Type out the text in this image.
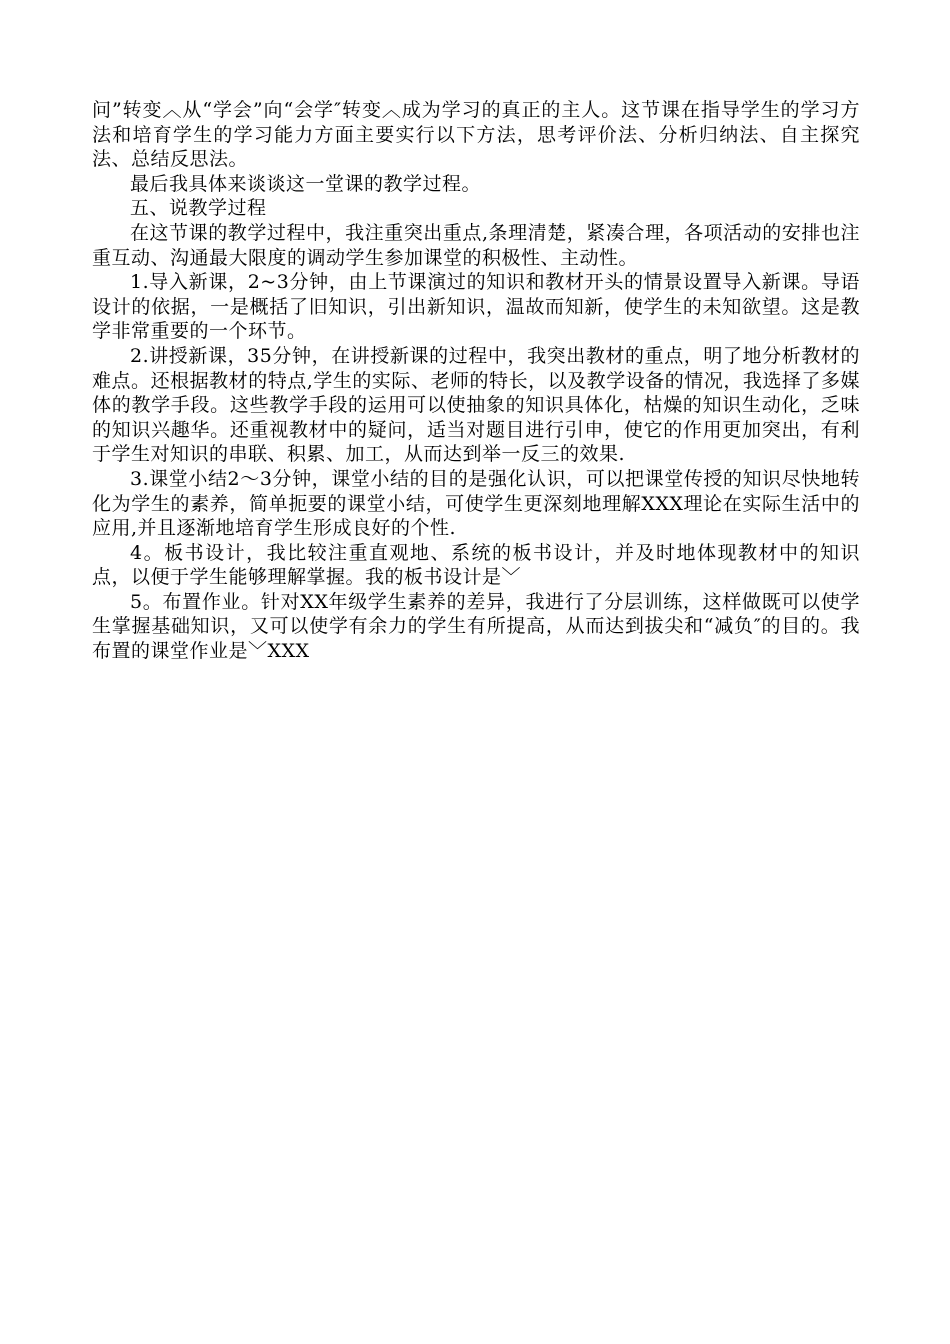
问”转变︿从“学会”向“会学″转变︿成为学习的真正的主人。这节课在指导学生的学习方法和培育学生的学习能力方面主要实行以下方法，思考评价法、分析归纳法、自主探究法、总结反思法。

最后我具体来谈谈这一堂课的教学过程。

五、说教学过程

在这节课的教学过程中，我注重突出重点,条理清楚，紧凑合理，各项活动的安排也注重互动、沟通最大限度的调动学生参加课堂的积极性、主动性。

1.导入新课，2~3分钟，由上节课演过的知识和教材开头的情景设置导入新课。导语设计的依据，一是概括了旧知识，引出新知识，温故而知新，使学生的未知欲望。这是教学非常重要的一个环节。

2.讲授新课，35分钟，在讲授新课的过程中，我突出教材的重点，明了地分析教材的难点。还根据教材的特点,学生的实际、老师的特长，以及教学设备的情况，我选择了多媒体的教学手段。这些教学手段的运用可以使抽象的知识具体化，枯燥的知识生动化，乏味的知识兴趣华。还重视教材中的疑问，适当对题目进行引申，使它的作用更加突出，有利于学生对知识的串联、积累、加工，从而达到举一反三的效果.

3.课堂小结2～3分钟，课堂小结的目的是强化认识，可以把课堂传授的知识尽快地转化为学生的素养，简单扼要的课堂小结，可使学生更深刻地理解XXX理论在实际生活中的应用,并且逐渐地培育学生形成良好的个性.

4。板书设计，我比较注重直观地、系统的板书设计，并及时地体现教材中的知识点，以便于学生能够理解掌握。我的板书设计是﹀

5。布置作业。针对XX年级学生素养的差异，我进行了分层训练，这样做既可以使学生掌握基础知识，又可以使学有余力的学生有所提高，从而达到拔尖和“减负″的目的。我布置的课堂作业是﹀XXX
